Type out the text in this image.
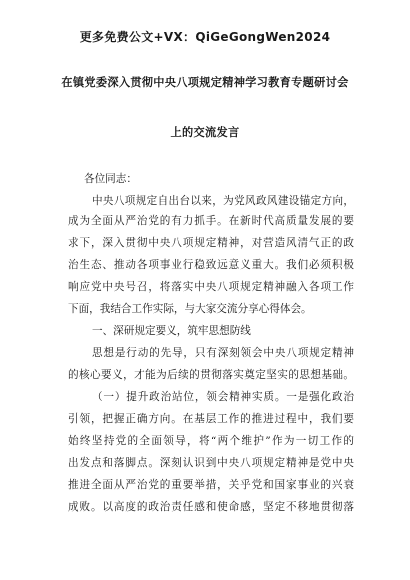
更多免费公文+VX：QiGeGongWen2024
在镇党委深入贯彻中央八项规定精神学习教育专题研讨会
上的交流发言
各位同志：
中央八项规定自出台以来，为党风政风建设锚定方向，
成为全面从严治党的有力抓手。在新时代高质量发展的要
求下，深入贯彻中央八项规定精神，对营造风清气正的政
治生态、推动各项事业行稳致远意义重大。我们必须积极
响应党中央号召，将落实中央八项规定精神融入各项工作
下面，我结合工作实际，与大家交流分享心得体会。
一、深研规定要义，筑牢思想防线
思想是行动的先导，只有深刻领会中央八项规定精神
的核心要义，才能为后续的贯彻落实奠定坚实的思想基础。
（一）提升政治站位，领会精神实质。一是强化政治
引领，把握正确方向。在基层工作的推进过程中，我们要
始终坚持党的全面领导，将“两个维护”作为一切工作的
出发点和落脚点。深刻认识到中央八项规定精神是党中央
推进全面从严治党的重要举措，关乎党和国家事业的兴衰
成败。以高度的政治责任感和使命感，坚定不移地贯彻落
